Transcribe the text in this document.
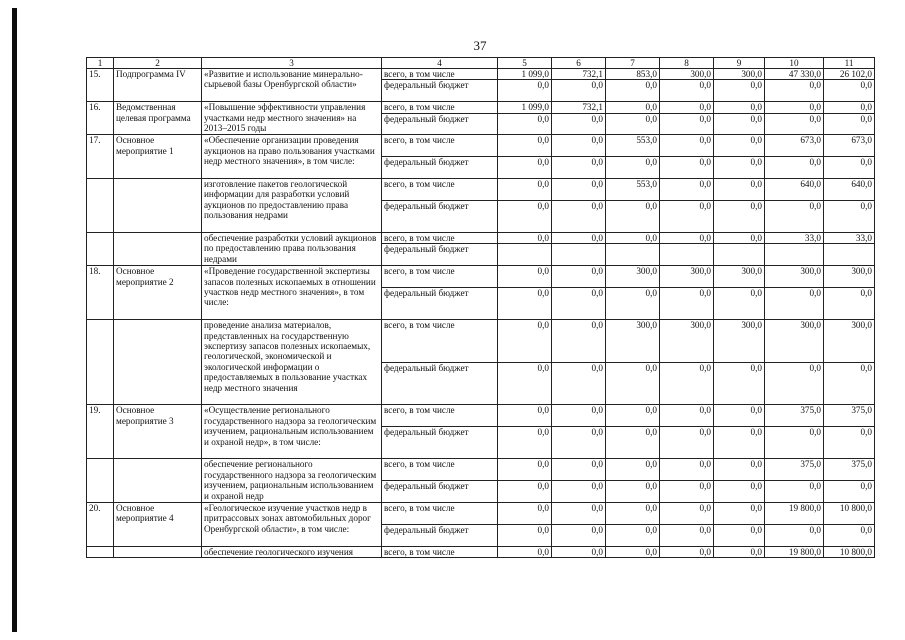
37
1	2	3	4	5	6	7	8	9	10	11
15.	Подпрограмма IV	«Развитие и использование минерально-сырьевой базы Оренбургской области»	всего, в том числе	1 099,0	732,1	853,0	300,0	300,0	47 330,0	26 102,0
			федеральный бюджет	0,0	0,0	0,0	0,0	0,0	0,0	0,0
16.	Ведомственная целевая программа	«Повышение эффективности управления участками недр местного значения» на 2013–2015 годы	всего, в том числе	1 099,0	732,1	0,0	0,0	0,0	0,0	0,0
			федеральный бюджет	0,0	0,0	0,0	0,0	0,0	0,0	0,0
17.	Основное мероприятие 1	«Обеспечение организации проведения аукционов на право пользования участками недр местного значения», в том числе:	всего, в том числе	0,0	0,0	553,0	0,0	0,0	673,0	673,0
			федеральный бюджет	0,0	0,0	0,0	0,0	0,0	0,0	0,0
		изготовление пакетов геологической информации для разработки условий аукционов по предоставлению права пользования недрами	всего, в том числе	0,0	0,0	553,0	0,0	0,0	640,0	640,0
			федеральный бюджет	0,0	0,0	0,0	0,0	0,0	0,0	0,0
		обеспечение разработки условий аукционов по предоставлению права пользования недрами	всего, в том числе	0,0	0,0	0,0	0,0	0,0	33,0	33,0
			федеральный бюджет							
18.	Основное мероприятие 2	«Проведение государственной экспертизы запасов полезных ископаемых в отношении участков недр местного значения», в том числе:	всего, в том числе	0,0	0,0	300,0	300,0	300,0	300,0	300,0
			федеральный бюджет	0,0	0,0	0,0	0,0	0,0	0,0	0,0
		проведение анализа материалов, представленных на государственную экспертизу запасов полезных ископаемых, геологической, экономической и экологической информации о предоставляемых в пользование участках недр местного значения	всего, в том числе	0,0	0,0	300,0	300,0	300,0	300,0	300,0
			федеральный бюджет	0,0	0,0	0,0	0,0	0,0	0,0	0,0
19.	Основное мероприятие 3	«Осуществление регионального государственного надзора за геологическим изучением, рациональным использованием и охраной недр», в том числе:	всего, в том числе	0,0	0,0	0,0	0,0	0,0	375,0	375,0
			федеральный бюджет	0,0	0,0	0,0	0,0	0,0	0,0	0,0
		обеспечение регионального государственного надзора за геологическим изучением, рациональным использованием и охраной недр	всего, в том числе	0,0	0,0	0,0	0,0	0,0	375,0	375,0
			федеральный бюджет	0,0	0,0	0,0	0,0	0,0	0,0	0,0
20.	Основное мероприятие 4	«Геологическое изучение участков недр в притрассовых зонах автомобильных дорог Оренбургской области», в том числе:	всего, в том числе	0,0	0,0	0,0	0,0	0,0	19 800,0	10 800,0
			федеральный бюджет	0,0	0,0	0,0	0,0	0,0	0,0	0,0
		обеспечение геологического изучения	всего, в том числе	0,0	0,0	0,0	0,0	0,0	19 800,0	10 800,0
